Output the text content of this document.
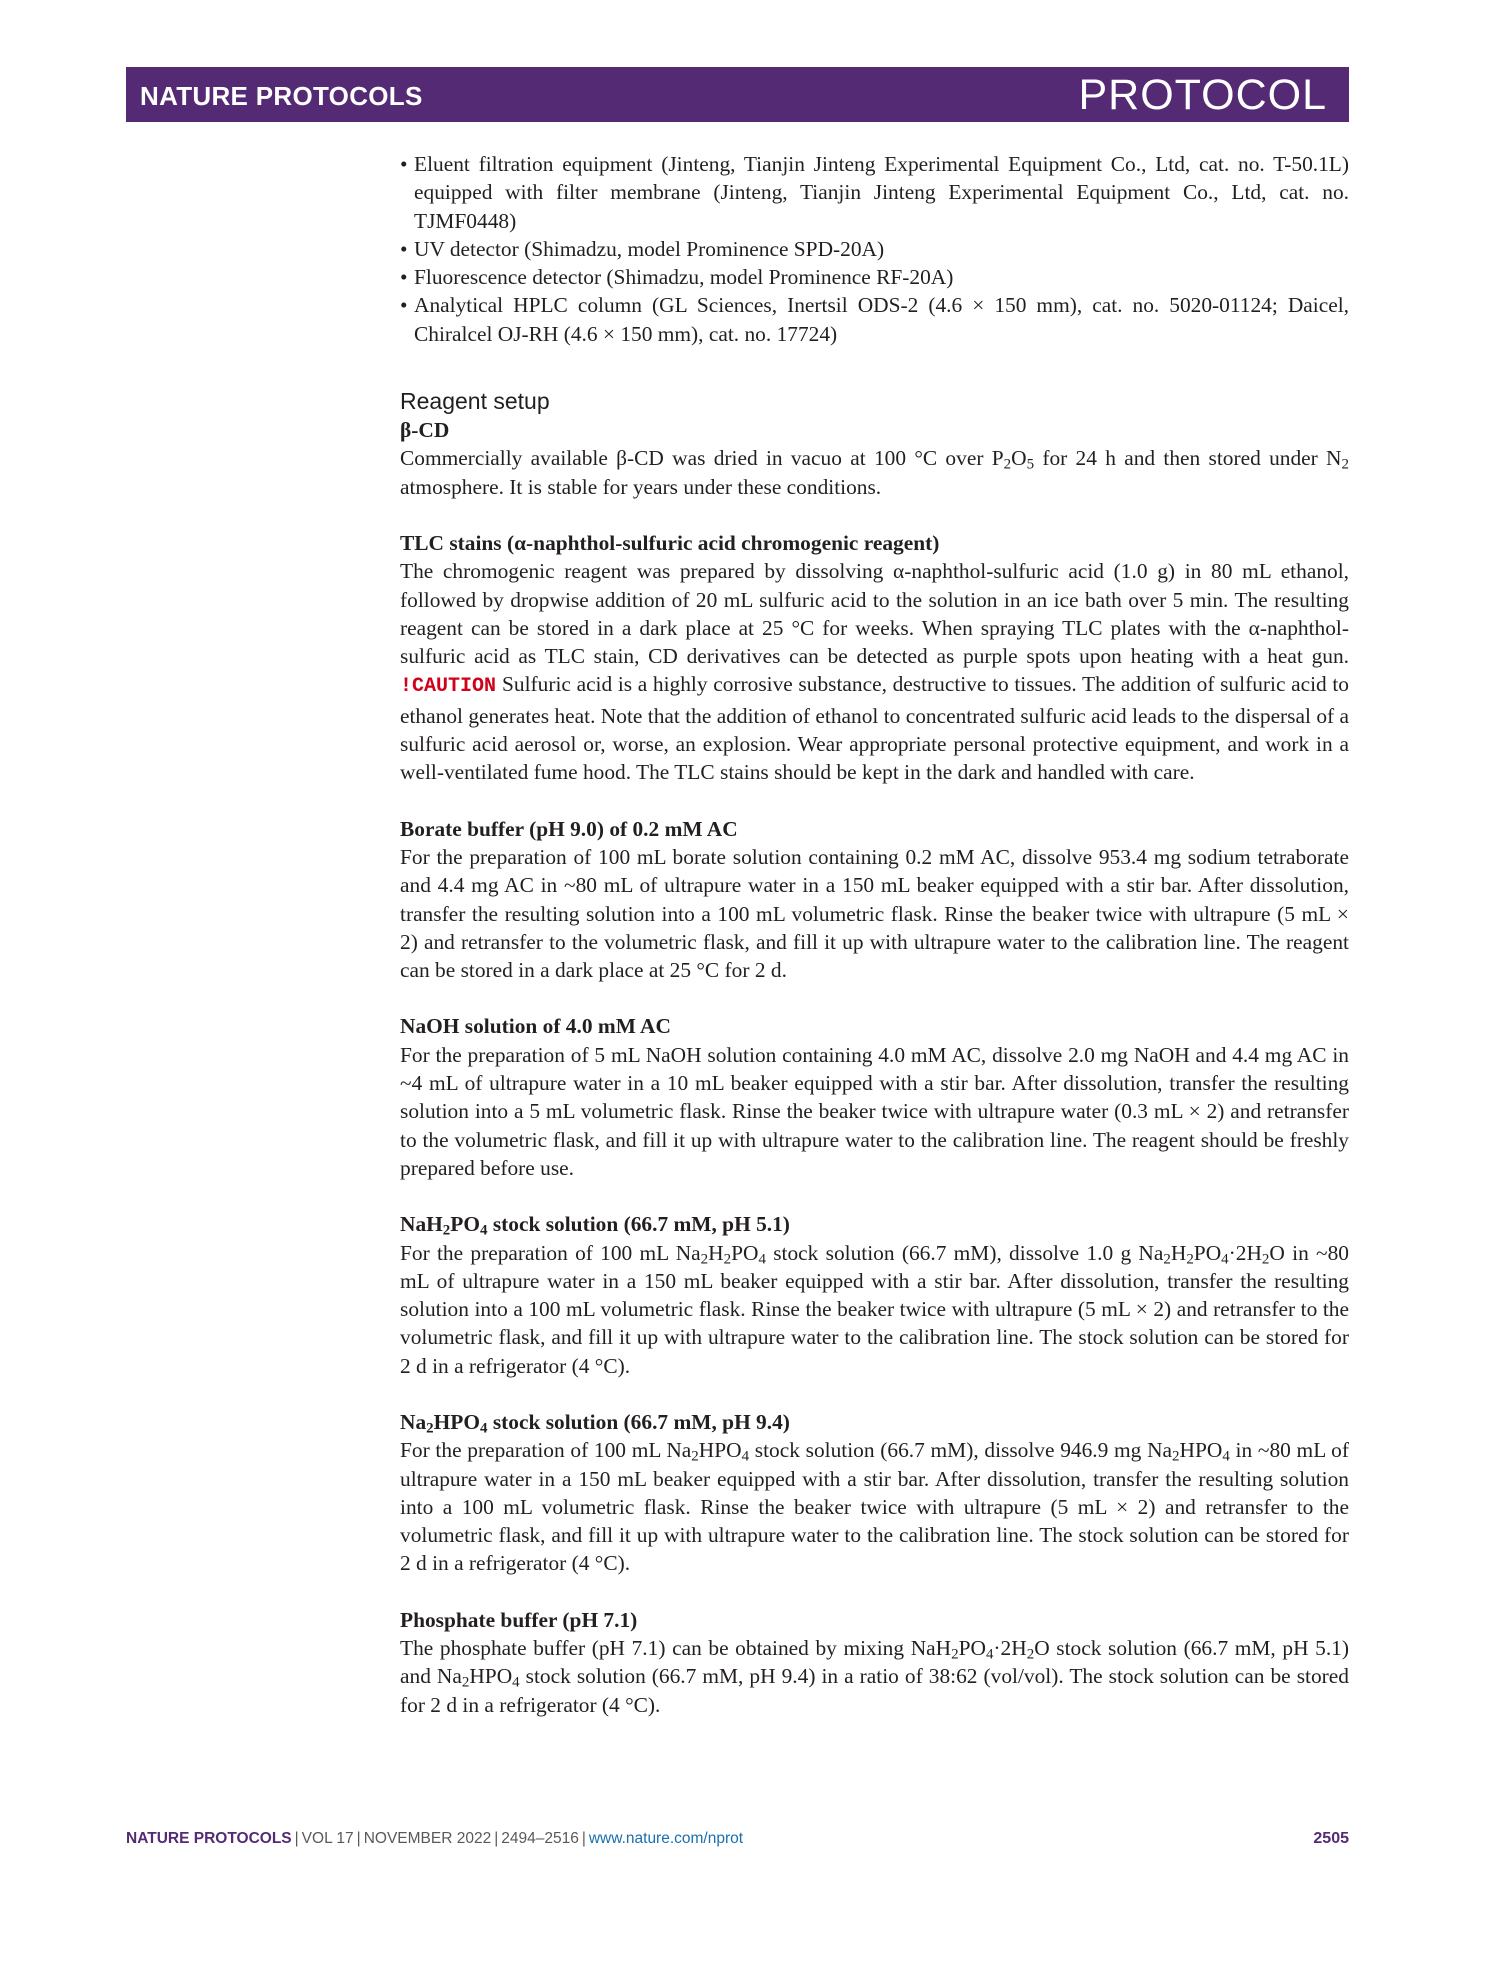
NATURE PROTOCOLS	PROTOCOL
• Eluent filtration equipment (Jinteng, Tianjin Jinteng Experimental Equipment Co., Ltd, cat. no. T-50.1L) equipped with filter membrane (Jinteng, Tianjin Jinteng Experimental Equipment Co., Ltd, cat. no. TJMF0448)
• UV detector (Shimadzu, model Prominence SPD-20A)
• Fluorescence detector (Shimadzu, model Prominence RF-20A)
• Analytical HPLC column (GL Sciences, Inertsil ODS-2 (4.6 × 150 mm), cat. no. 5020-01124; Daicel, Chiralcel OJ-RH (4.6 × 150 mm), cat. no. 17724)
Reagent setup

β-CD

Commercially available β-CD was dried in vacuo at 100 °C over $P_2O_5$ for 24 h and then stored under $N_2$ atmosphere. It is stable for years under these conditions.

TLC stains (α-naphthol-sulfuric acid chromogenic reagent)

The chromogenic reagent was prepared by dissolving α-naphthol-sulfuric acid (1.0 g) in 80 mL ethanol, followed by dropwise addition of 20 mL sulfuric acid to the solution in an ice bath over 5 min. The resulting reagent can be stored in a dark place at 25 °C for weeks. When spraying TLC plates with the α-naphthol-sulfuric acid as TLC stain, CD derivatives can be detected as purple spots upon heating with a heat gun. !CAUTION Sulfuric acid is a highly corrosive substance, destructive to tissues. The addition of sulfuric acid to ethanol generates heat. Note that the addition of ethanol to concentrated sulfuric acid leads to the dispersal of a sulfuric acid aerosol or, worse, an explosion. Wear appropriate personal protective equipment, and work in a well-ventilated fume hood. The TLC stains should be kept in the dark and handled with care.

Borate buffer (pH 9.0) of 0.2 mM AC

For the preparation of 100 mL borate solution containing 0.2 mM AC, dissolve 953.4 mg sodium tetraborate and 4.4 mg AC in ~80 mL of ultrapure water in a 150 mL beaker equipped with a stir bar. After dissolution, transfer the resulting solution into a 100 mL volumetric flask. Rinse the beaker twice with ultrapure (5 mL × 2) and retransfer to the volumetric flask, and fill it up with ultrapure water to the calibration line. The reagent can be stored in a dark place at 25 °C for 2 d.

NaOH solution of 4.0 mM AC

For the preparation of 5 mL NaOH solution containing 4.0 mM AC, dissolve 2.0 mg NaOH and 4.4 mg AC in ~4 mL of ultrapure water in a 10 mL beaker equipped with a stir bar. After dissolution, transfer the resulting solution into a 5 mL volumetric flask. Rinse the beaker twice with ultrapure water (0.3 mL × 2) and retransfer to the volumetric flask, and fill it up with ultrapure water to the calibration line. The reagent should be freshly prepared before use.

$NaH_2PO_4$ stock solution (66.7 mM, pH 5.1)

For the preparation of 100 mL $Na_2H_2PO_4$ stock solution (66.7 mM), dissolve 1.0 g $Na_2H_2PO_4\cdot 2H_2O$ in ~80 mL of ultrapure water in a 150 mL beaker equipped with a stir bar. After dissolution, transfer the resulting solution into a 100 mL volumetric flask. Rinse the beaker twice with ultrapure (5 mL × 2) and retransfer to the volumetric flask, and fill it up with ultrapure water to the calibration line. The stock solution can be stored for 2 d in a refrigerator (4 °C).

$Na_2HPO_4$ stock solution (66.7 mM, pH 9.4)

For the preparation of 100 mL $Na_2HPO_4$ stock solution (66.7 mM), dissolve 946.9 mg $Na_2HPO_4$ in ~80 mL of ultrapure water in a 150 mL beaker equipped with a stir bar. After dissolution, transfer the resulting solution into a 100 mL volumetric flask. Rinse the beaker twice with ultrapure (5 mL × 2) and retransfer to the volumetric flask, and fill it up with ultrapure water to the calibration line. The stock solution can be stored for 2 d in a refrigerator (4 °C).

Phosphate buffer (pH 7.1)

The phosphate buffer (pH 7.1) can be obtained by mixing $NaH_2PO_4\cdot 2H_2O$ stock solution (66.7 mM, pH 5.1) and $Na_2HPO_4$ stock solution (66.7 mM, pH 9.4) in a ratio of 38:62 (vol/vol). The stock solution can be stored for 2 d in a refrigerator (4 °C).

NATURE PROTOCOLS | VOL 17 | NOVEMBER 2022 | 2494–2516 | www.nature.com/nprot	2505
